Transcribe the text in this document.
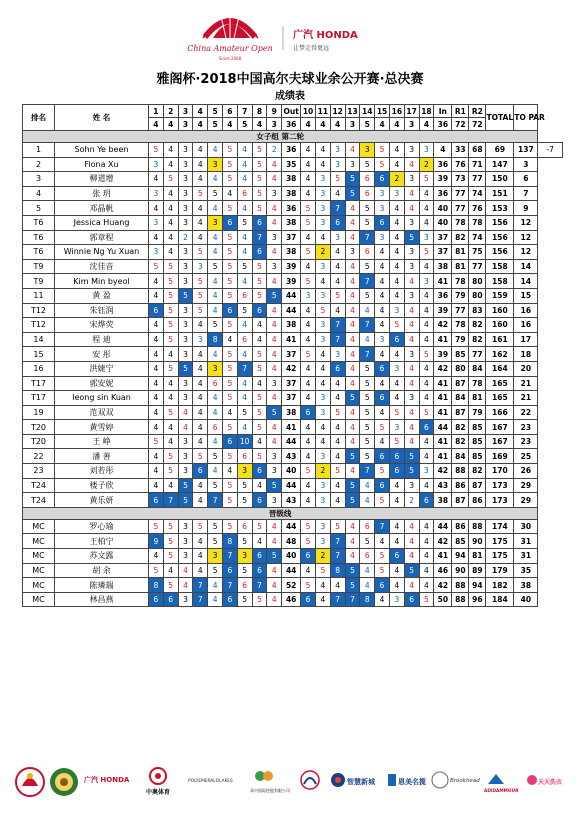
China Amateur Open
Since 2008
广汽 HONDA
让梦走得更远
雅阁杯·2018中国高尔夫球业余公开赛·总决赛
成绩表
排名	姓 名	1	2	3	4	5	6	7	8	9	Out	10	11	12	13	14	15	16	17	18	In	R1	R2	TOTAL	TO PAR	
		4	4	3	4	5	4	5	4	3	36	4	4	4	3	5	4	4	3	4	36	72	72			
女子组 第二轮																										
1	Sohn Ye been	5	4	3	4	4	5	4	5	2	36	4	4	3	4	3	5	4	3	3	4	33	68	69	137	-7
2	Fiona Xu	3	4	3	4	3	5	4	5	4	35	4	4	3	3	5	5	4	4	2	36	76	71	147	3	
3	柳道增	4	5	3	4	4	5	4	5	4	38	4	3	5	5	6	6	2	3	5	39	73	77	150	6	
4	张 玥	3	4	3	5	5	4	6	5	3	38	4	3	4	5	6	3	3	4	4	36	77	74	151	7	
5	邓晶帆	4	4	3	4	4	5	4	5	4	36	5	3	7	4	5	3	4	4	4	40	77	76	153	9	
T6	Jessica Huang	3	4	3	4	3	6	5	6	4	38	5	3	6	4	5	6	4	3	4	40	78	78	156	12	
T6	郭章程	4	4	2	4	4	5	4	7	3	37	4	4	3	4	7	3	4	5	3	37	82	74	156	12	
T6	Winnie Ng Yu Xuan	3	4	3	5	4	5	4	6	4	38	5	2	4	3	6	4	4	3	5	37	81	75	156	12	
T9	沈佳音	5	5	3	3	5	5	5	5	3	39	4	3	4	4	5	4	4	3	4	38	81	77	158	14	
T9	Kim Min byeol	4	5	3	5	4	5	4	5	4	39	5	4	4	4	7	4	4	4	3	41	78	80	158	14	
11	黄 盈	4	5	5	5	4	5	6	5	5	44	3	3	5	4	5	4	4	3	4	36	79	80	159	15	
T12	朱钰润	6	5	3	5	4	6	5	6	4	44	4	5	4	4	4	4	3	4	4	39	77	83	160	16	
T12	宋烨荧	4	5	3	4	5	5	4	4	4	38	4	3	7	4	7	4	5	4	4	42	78	82	160	16	
14	程 迪	4	5	3	3	8	4	6	4	4	41	4	3	7	4	4	3	6	4	4	41	79	82	161	17	
15	安 彤	4	4	3	4	4	5	4	5	4	37	5	4	3	4	7	4	4	3	5	39	85	77	162	18	
16	洪婕宁	4	5	5	4	3	5	7	5	4	42	4	4	6	4	5	6	3	4	4	42	80	84	164	20	
T17	郭安妮	4	4	3	4	6	5	4	4	3	37	4	4	4	4	5	4	4	4	4	41	87	78	165	21	
T17	Ieong sin Kuan	4	4	3	4	4	5	4	5	4	37	4	3	4	5	5	6	4	3	4	41	84	81	165	21	
19	范双双	4	5	4	4	4	4	5	5	5	38	6	3	5	4	5	4	5	4	5	41	87	79	166	22	
T20	黄雪婷	4	4	4	4	6	5	4	5	4	41	4	4	4	4	5	5	3	4	6	44	82	85	167	23	
T20	王 峥	5	4	3	4	4	6	10	4	4	44	4	4	4	4	5	4	5	4	4	41	82	85	167	23	
22	潘 善	4	5	3	5	5	5	6	5	3	43	4	3	4	5	5	6	6	5	4	41	84	85	169	25	
23	刘若彤	4	5	3	6	4	4	3	6	3	40	5	2	5	4	7	5	6	5	3	42	88	82	170	26	
T24	楼子欣	4	4	5	4	5	5	5	4	5	44	4	3	4	5	4	6	4	3	4	43	86	87	173	29	
T24	黄乐妍	6	7	5	4	7	5	5	6	3	43	4	3	4	5	4	5	4	2	6	38	87	86	173	29	
晋级线																										
MC	罗心瑜	5	5	3	5	5	5	6	5	4	44	5	3	5	4	6	7	4	4	4	44	86	88	174	30	
MC	王柏宁	9	5	3	4	5	8	5	4	4	48	5	3	7	4	5	4	4	4	4	42	85	90	175	31	
MC	苏文露	4	5	3	4	3	7	3	6	5	40	6	2	7	4	6	5	6	4	4	41	94	81	175	31	
MC	胡 余	5	4	4	4	5	6	5	6	4	44	4	5	8	5	4	5	4	5	4	46	90	89	179	35	
MC	陈璘瑞	8	5	4	7	4	7	6	7	4	52	5	4	4	5	4	6	4	4	4	42	88	94	182	38	
MC	林昌燕	6	6	3	7	4	6	5	5	4	46	6	4	7	7	8	4	3	6	5	50	88	96	184	40	
广汽 HONDA
中奥体育
POLYEMERALDLAKES
承兴国际控股有限公司
智慧新城	恩美名揽	Brookhead
ADIDAMMOUR
天天洗衣
